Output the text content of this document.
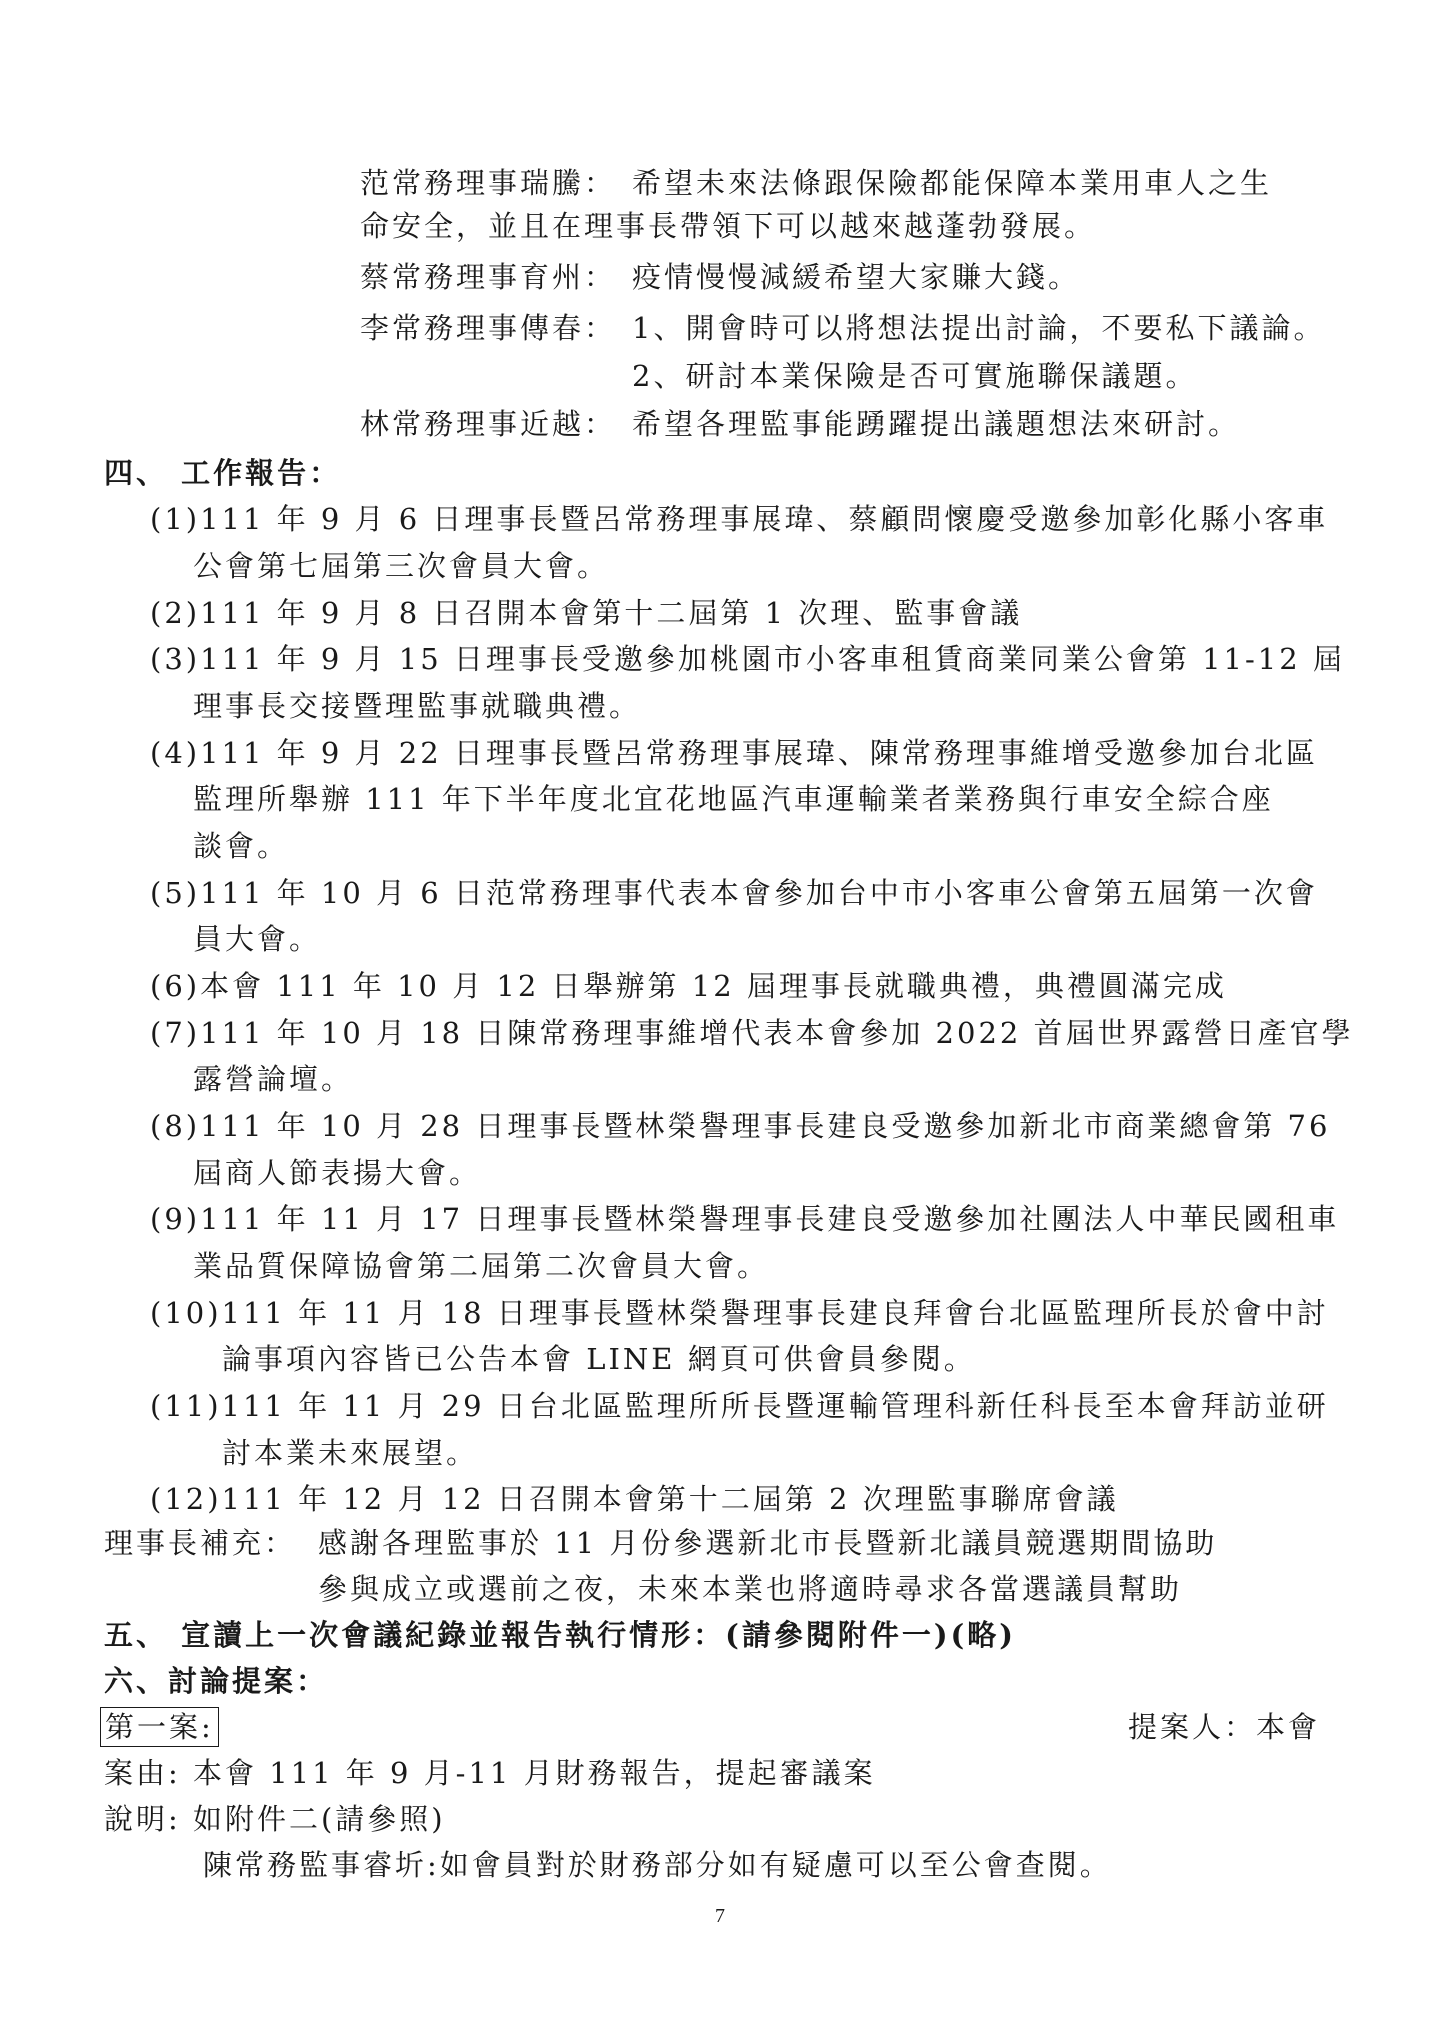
范常務理事瑞騰： 希望未來法條跟保險都能保障本業用車人之生
命安全，並且在理事長帶領下可以越來越蓬勃發展。
蔡常務理事育州： 疫情慢慢減緩希望大家賺大錢。
李常務理事傳春： 1、開會時可以將想法提出討論，不要私下議論。
2、研討本業保險是否可實施聯保議題。
林常務理事近越： 希望各理監事能踴躍提出議題想法來研討。
四、 工作報告：
(1)111 年 9 月 6 日理事長暨呂常務理事展瑋、蔡顧問懷慶受邀參加彰化縣小客車
公會第七屆第三次會員大會。
(2)111 年 9 月 8 日召開本會第十二屆第 1 次理、監事會議
(3)111 年 9 月 15 日理事長受邀參加桃園市小客車租賃商業同業公會第 11-12 屆
理事長交接暨理監事就職典禮。
(4)111 年 9 月 22 日理事長暨呂常務理事展瑋、陳常務理事維增受邀參加台北區
監理所舉辦 111 年下半年度北宜花地區汽車運輸業者業務與行車安全綜合座
談會。
(5)111 年 10 月 6 日范常務理事代表本會參加台中市小客車公會第五屆第一次會
員大會。
(6)本會 111 年 10 月 12 日舉辦第 12 屆理事長就職典禮，典禮圓滿完成
(7)111 年 10 月 18 日陳常務理事維增代表本會參加 2022 首屆世界露營日產官學
露營論壇。
(8)111 年 10 月 28 日理事長暨林榮譽理事長建良受邀參加新北市商業總會第 76
屆商人節表揚大會。
(9)111 年 11 月 17 日理事長暨林榮譽理事長建良受邀參加社團法人中華民國租車
業品質保障協會第二屆第二次會員大會。
(10)111 年 11 月 18 日理事長暨林榮譽理事長建良拜會台北區監理所長於會中討
論事項內容皆已公告本會 LINE 網頁可供會員參閱。
(11)111 年 11 月 29 日台北區監理所所長暨運輸管理科新任科長至本會拜訪並研
討本業未來展望。
(12)111 年 12 月 12 日召開本會第十二屆第 2 次理監事聯席會議
理事長補充： 感謝各理監事於 11 月份參選新北市長暨新北議員競選期間協助
參與成立或選前之夜，未來本業也將適時尋求各當選議員幫助
五、 宣讀上一次會議紀錄並報告執行情形：(請參閱附件一)(略)
六、討論提案：
第一案:	提案人：本會
案由: 本會 111 年 9 月-11 月財務報告，提起審議案
說明: 如附件二(請參照)
陳常務監事睿圻:如會員對於財務部分如有疑慮可以至公會查閱。
7
